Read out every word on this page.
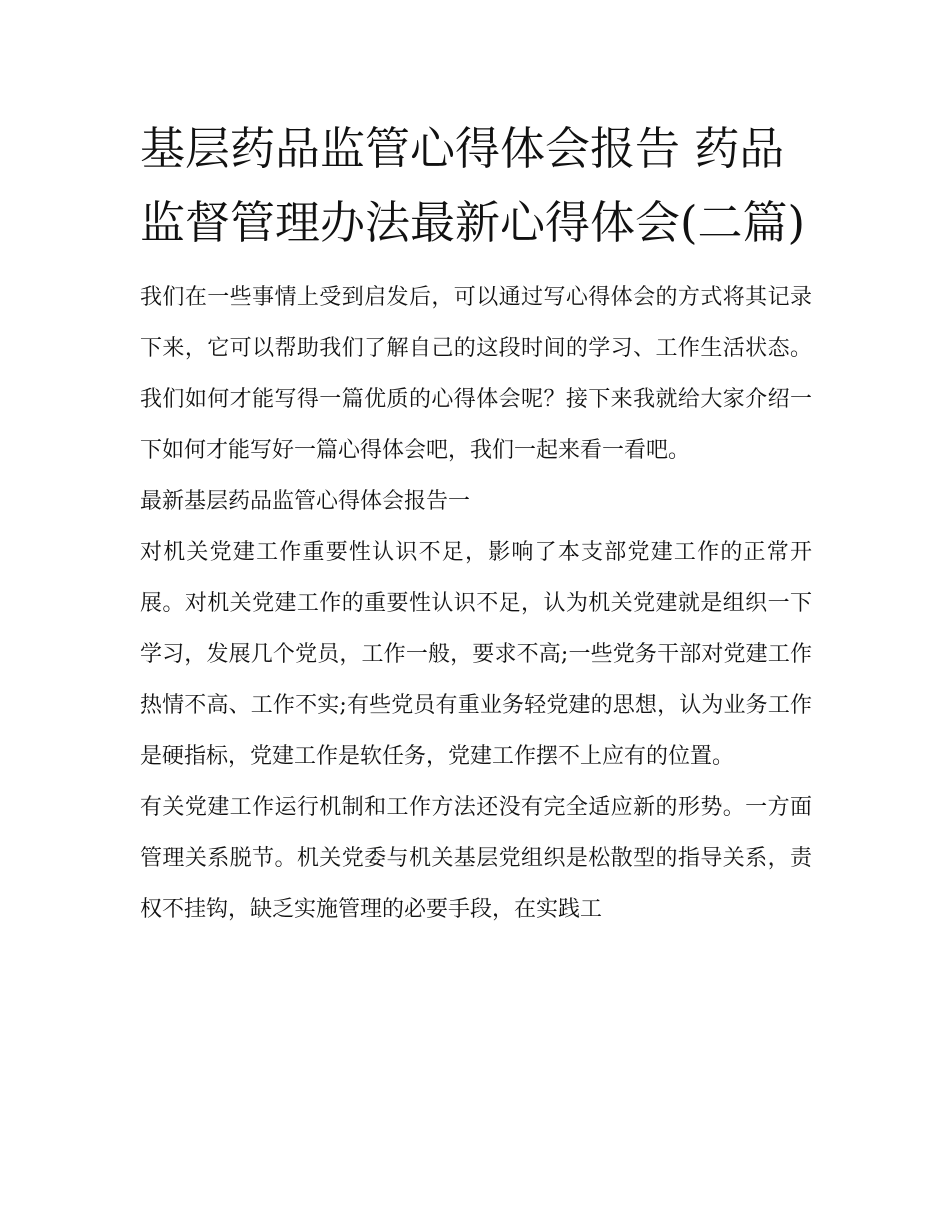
基层药品监管心得体会报告 药品监督管理办法最新心得体会(二篇)

我们在一些事情上受到启发后，可以通过写心得体会的方式将其记录下来，它可以帮助我们了解自己的这段时间的学习、工作生活状态。我们如何才能写得一篇优质的心得体会呢？接下来我就给大家介绍一下如何才能写好一篇心得体会吧，我们一起来看一看吧。

最新基层药品监管心得体会报告一

对机关党建工作重要性认识不足，影响了本支部党建工作的正常开展。对机关党建工作的重要性认识不足，认为机关党建就是组织一下学习，发展几个党员，工作一般，要求不高;一些党务干部对党建工作热情不高、工作不实;有些党员有重业务轻党建的思想，认为业务工作是硬指标，党建工作是软任务，党建工作摆不上应有的位置。

有关党建工作运行机制和工作方法还没有完全适应新的形势。一方面管理关系脱节。机关党委与机关基层党组织是松散型的指导关系，责权不挂钩，缺乏实施管理的必要手段，在实践工
